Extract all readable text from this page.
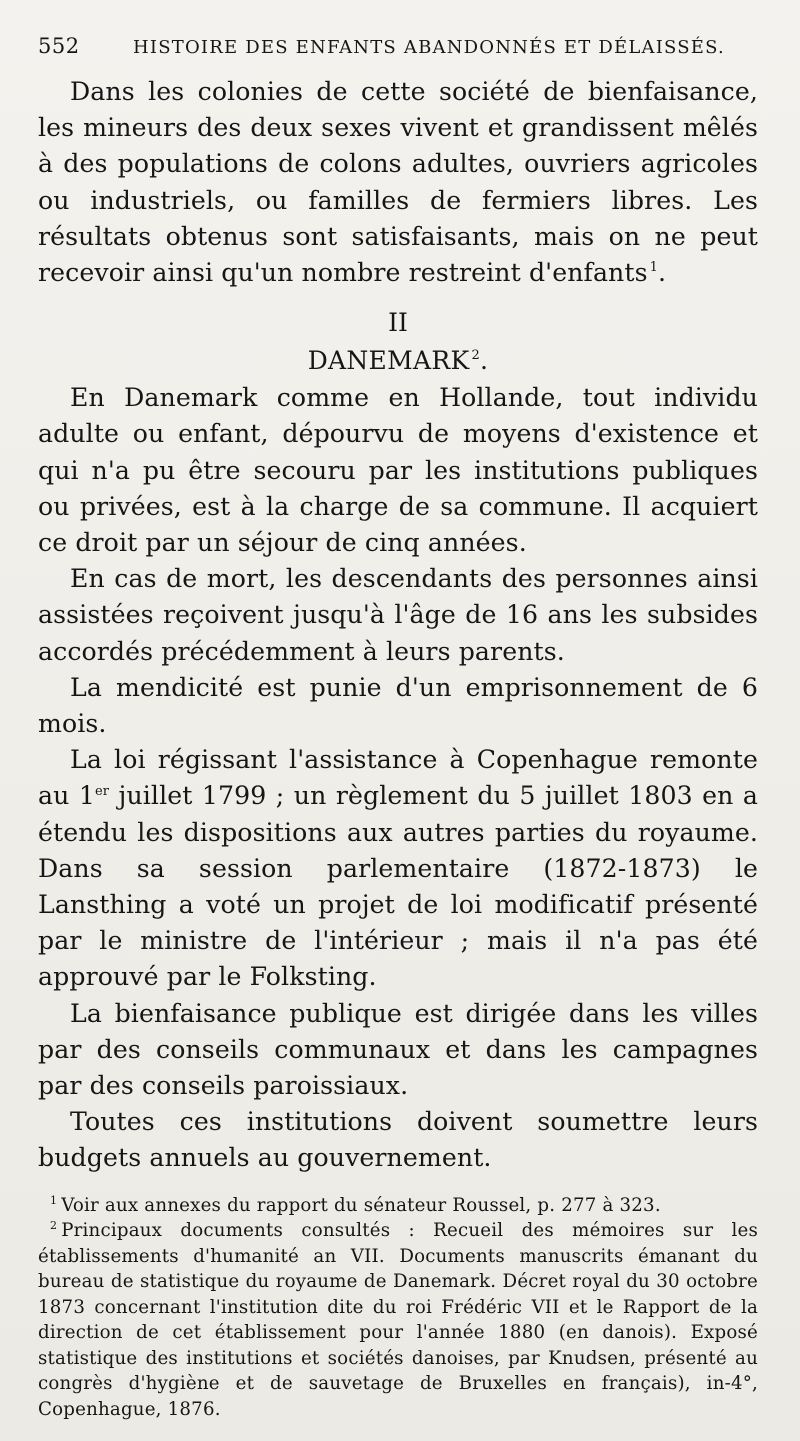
552	HISTOIRE DES ENFANTS ABANDONNÉS ET DÉLAISSÉS.

Dans les colonies de cette société de bienfaisance, les mineurs des deux sexes vivent et grandissent mêlés à des populations de colons adultes, ouvriers agricoles ou industriels, ou familles de fermiers libres. Les résultats obtenus sont satisfaisants, mais on ne peut recevoir ainsi qu'un nombre restreint d'enfants $^1$.

II
DANEMARK $^2$.

En Danemark comme en Hollande, tout individu adulte ou enfant, dépourvu de moyens d'existence et qui n'a pu être secouru par les institutions publiques ou privées, est à la charge de sa commune. Il acquiert ce droit par un séjour de cinq années.

En cas de mort, les descendants des personnes ainsi assistées reçoivent jusqu'à l'âge de 16 ans les subsides accordés précédemment à leurs parents.

La mendicité est punie d'un emprisonnement de 6 mois.

La loi régissant l'assistance à Copenhague remonte au 1er juillet 1799 ; un règlement du 5 juillet 1803 en a étendu les dispositions aux autres parties du royaume. Dans sa session parlementaire (1872-1873) le Lansthing a voté un projet de loi modificatif présenté par le ministre de l'intérieur ; mais il n'a pas été approuvé par le Folksting.

La bienfaisance publique est dirigée dans les villes par des conseils communaux et dans les campagnes par des conseils paroissiaux.

Toutes ces institutions doivent soumettre leurs budgets annuels au gouvernement.

$^1$ Voir aux annexes du rapport du sénateur Roussel, p. 277 à 323.

$^2$ Principaux documents consultés : Recueil des mémoires sur les établissements d'humanité an VII. Documents manuscrits émanant du bureau de statistique du royaume de Danemark. Décret royal du 30 octobre 1873 concernant l'institution dite du roi Frédéric VII et le Rapport de la direction de cet établissement pour l'année 1880 (en danois). Exposé statistique des institutions et sociétés danoises, par Knudsen, présenté au congrès d'hygiène et de sauvetage de Bruxelles en français), in-4°, Copenhague, 1876.
